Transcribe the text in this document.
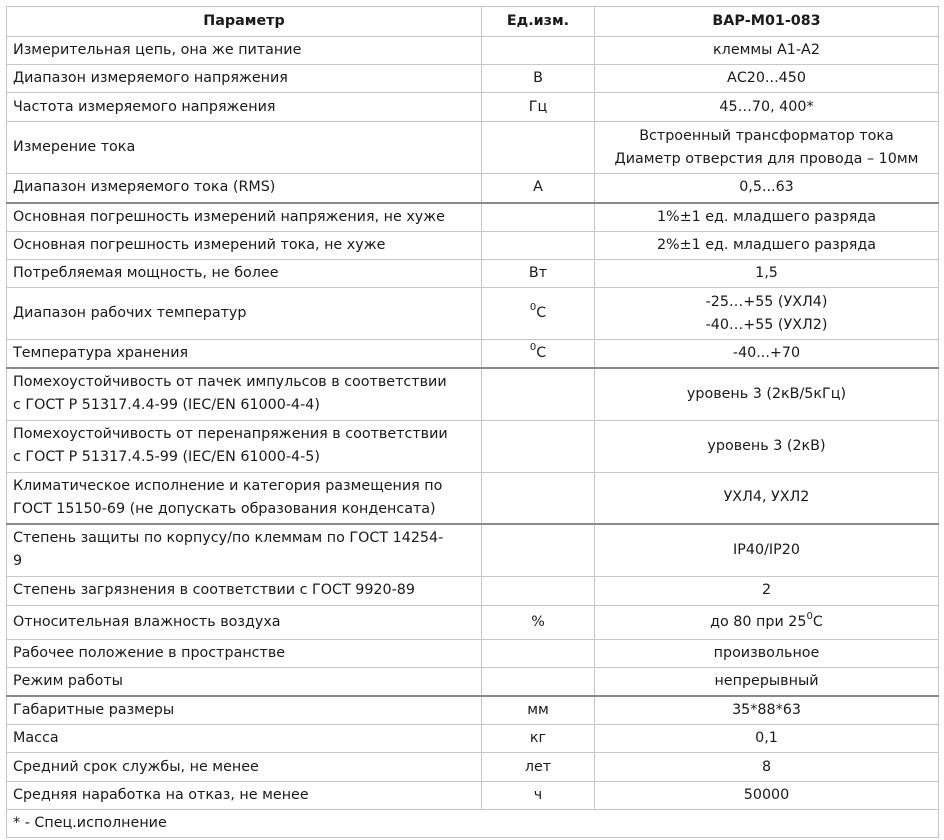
Параметр	Ед.изм.	ВАР-М01-083
Измерительная цепь, она же питание		клеммы А1-А2
Диапазон измеряемого напряжения	В	АС20...450
Частота измеряемого напряжения	Гц	45…70, 400*
Измерение тока		Встроенный трансформатор тока
Диаметр отверстия для провода – 10мм

Диапазон измеряемого тока (RMS)	А	0,5...63
Основная погрешность измерений напряжения, не хуже		1%±1 ед. младшего разряда
Основная погрешность измерений тока, не хуже		2%±1 ед. младшего разряда
Потребляемая мощность, не более	Вт	1,5
Диапазон рабочих температур	$^0$С	-25…+55 (УХЛ4)
-40…+55 (УХЛ2)

Температура хранения	$^0$С	-40...+70

Помехоустойчивость от пачек импульсов в соответствии
с ГОСТ Р 51317.4.4-99 (IEC/EN 61000-4-4)		уровень 3 (2кВ/5кГц)

Помехоустойчивость от перенапряжения в соответствии
с ГОСТ Р 51317.4.5-99 (IEC/EN 61000-4-5)		уровень 3 (2кВ)

Климатическое исполнение и категория размещения по
ГОСТ 15150-69 (не допускать образования конденсата)		УХЛ4, УХЛ2

Степень защиты по корпусу/по клеммам по ГОСТ 14254-
9		IP40/IP20
Степень загрязнения в соответствии с ГОСТ 9920-89		2
Относительная влажность воздуха	%	до 80 при $25^0С$
Рабочее положение в пространстве		произвольное
Режим работы		непрерывный
Габаритные размеры	мм	35*88*63
Масса	кг	0,1
Средний срок службы, не менее	лет	8
Средняя наработка на отказ, не менее	ч	50000
* - Спец.исполнение		
